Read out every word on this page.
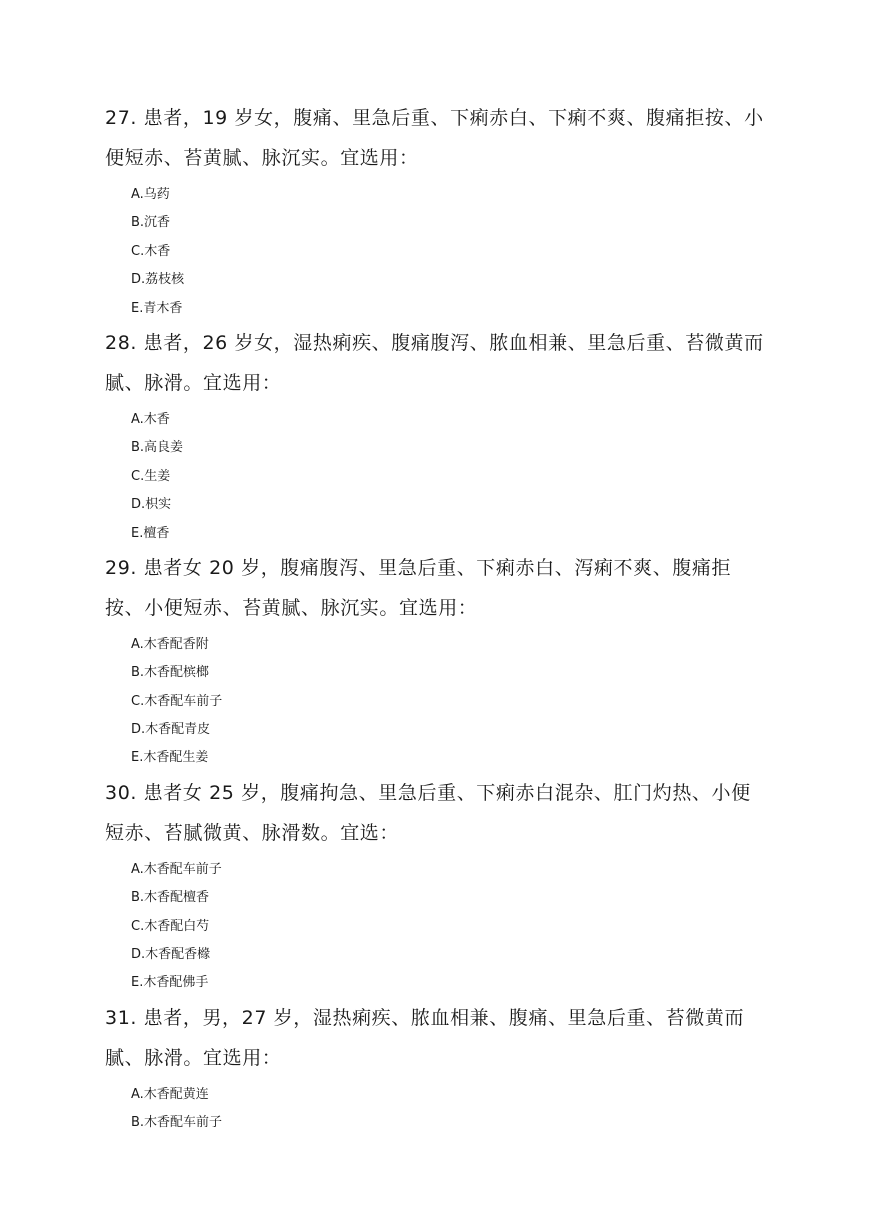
27. 患者，19 岁女，腹痛、里急后重、下痢赤白、下痢不爽、腹痛拒按、小便短赤、苔黄腻、脉沉实。宜选用：

A.乌药
B.沉香
C.木香
D.荔枝核
E.青木香

28. 患者，26 岁女，湿热痢疾、腹痛腹泻、脓血相兼、里急后重、苔微黄而腻、脉滑。宜选用：

A.木香
B.高良姜
C.生姜
D.枳实
E.檀香

29. 患者女 20 岁，腹痛腹泻、里急后重、下痢赤白、泻痢不爽、腹痛拒按、小便短赤、苔黄腻、脉沉实。宜选用：

A.木香配香附
B.木香配槟榔
C.木香配车前子
D.木香配青皮
E.木香配生姜

30. 患者女 25 岁，腹痛拘急、里急后重、下痢赤白混杂、肛门灼热、小便短赤、苔腻微黄、脉滑数。宜选：

A.木香配车前子
B.木香配檀香
C.木香配白芍
D.木香配香橼
E.木香配佛手

31. 患者，男，27 岁，湿热痢疾、脓血相兼、腹痛、里急后重、苔微黄而腻、脉滑。宜选用：

A.木香配黄连
B.木香配车前子
